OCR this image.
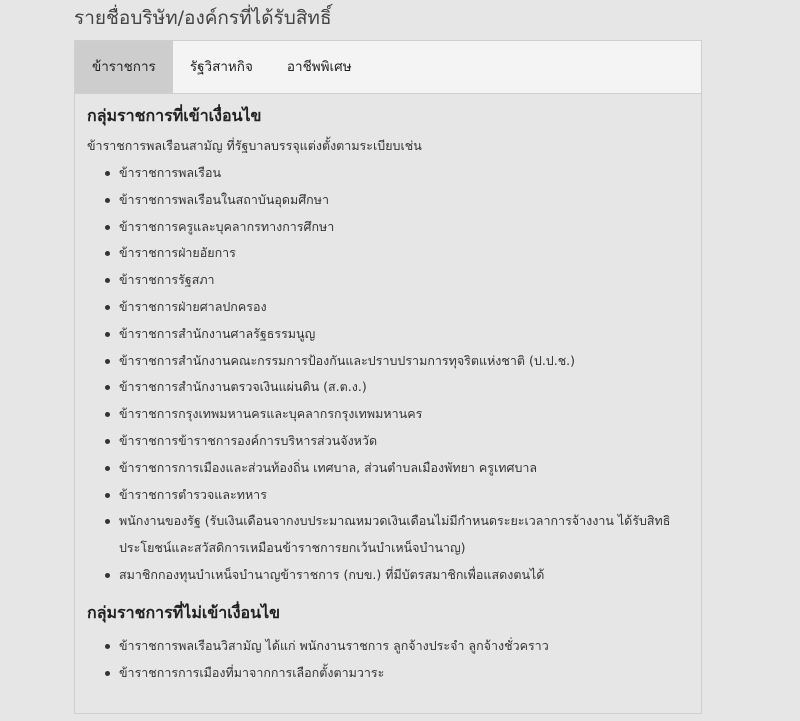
รายชื่อบริษัท/องค์กรที่ได้รับสิทธิ์
ข้าราชการ	รัฐวิสาหกิจ	อาชีพพิเศษ
กลุ่มราชการที่เข้าเงื่อนไข

ข้าราชการพลเรือนสามัญ ที่รัฐบาลบรรจุแต่งตั้งตามระเบียบเช่น

ข้าราชการพลเรือน
ข้าราชการพลเรือนในสถาบันอุดมศึกษา
ข้าราชการครูและบุคลากรทางการศึกษา
ข้าราชการฝ่ายอัยการ
ข้าราชการรัฐสภา
ข้าราชการฝ่ายศาลปกครอง
ข้าราชการสำนักงานศาลรัฐธรรมนูญ
ข้าราชการสำนักงานคณะกรรมการป้องกันและปราบปรามการทุจริตแห่งชาติ (ป.ป.ช.)
ข้าราชการสำนักงานตรวจเงินแผ่นดิน (ส.ต.ง.)
ข้าราชการกรุงเทพมหานครและบุคลากรกรุงเทพมหานคร
ข้าราชการข้าราชการองค์การบริหารส่วนจังหวัด
ข้าราชการการเมืองและส่วนท้องถิ่น เทศบาล, ส่วนตำบลเมืองพัทยา ครูเทศบาล
ข้าราชการตำรวจและทหาร
พนักงานของรัฐ (รับเงินเดือนจากงบประมาณหมวดเงินเดือนไม่มีกำหนดระยะเวลาการจ้างงาน ได้รับสิทธิประโยชน์และสวัสดิการเหมือนข้าราชการยกเว้นบำเหน็จบำนาญ)
สมาชิกกองทุนบำเหน็จบำนาญข้าราชการ (กบข.) ที่มีบัตรสมาชิกเพื่อแสดงตนได้
กลุ่มราชการที่ไม่เข้าเงื่อนไข
ข้าราชการพลเรือนวิสามัญ ได้แก่ พนักงานราชการ ลูกจ้างประจำ ลูกจ้างชั่วคราว
ข้าราชการการเมืองที่มาจากการเลือกตั้งตามวาระ
